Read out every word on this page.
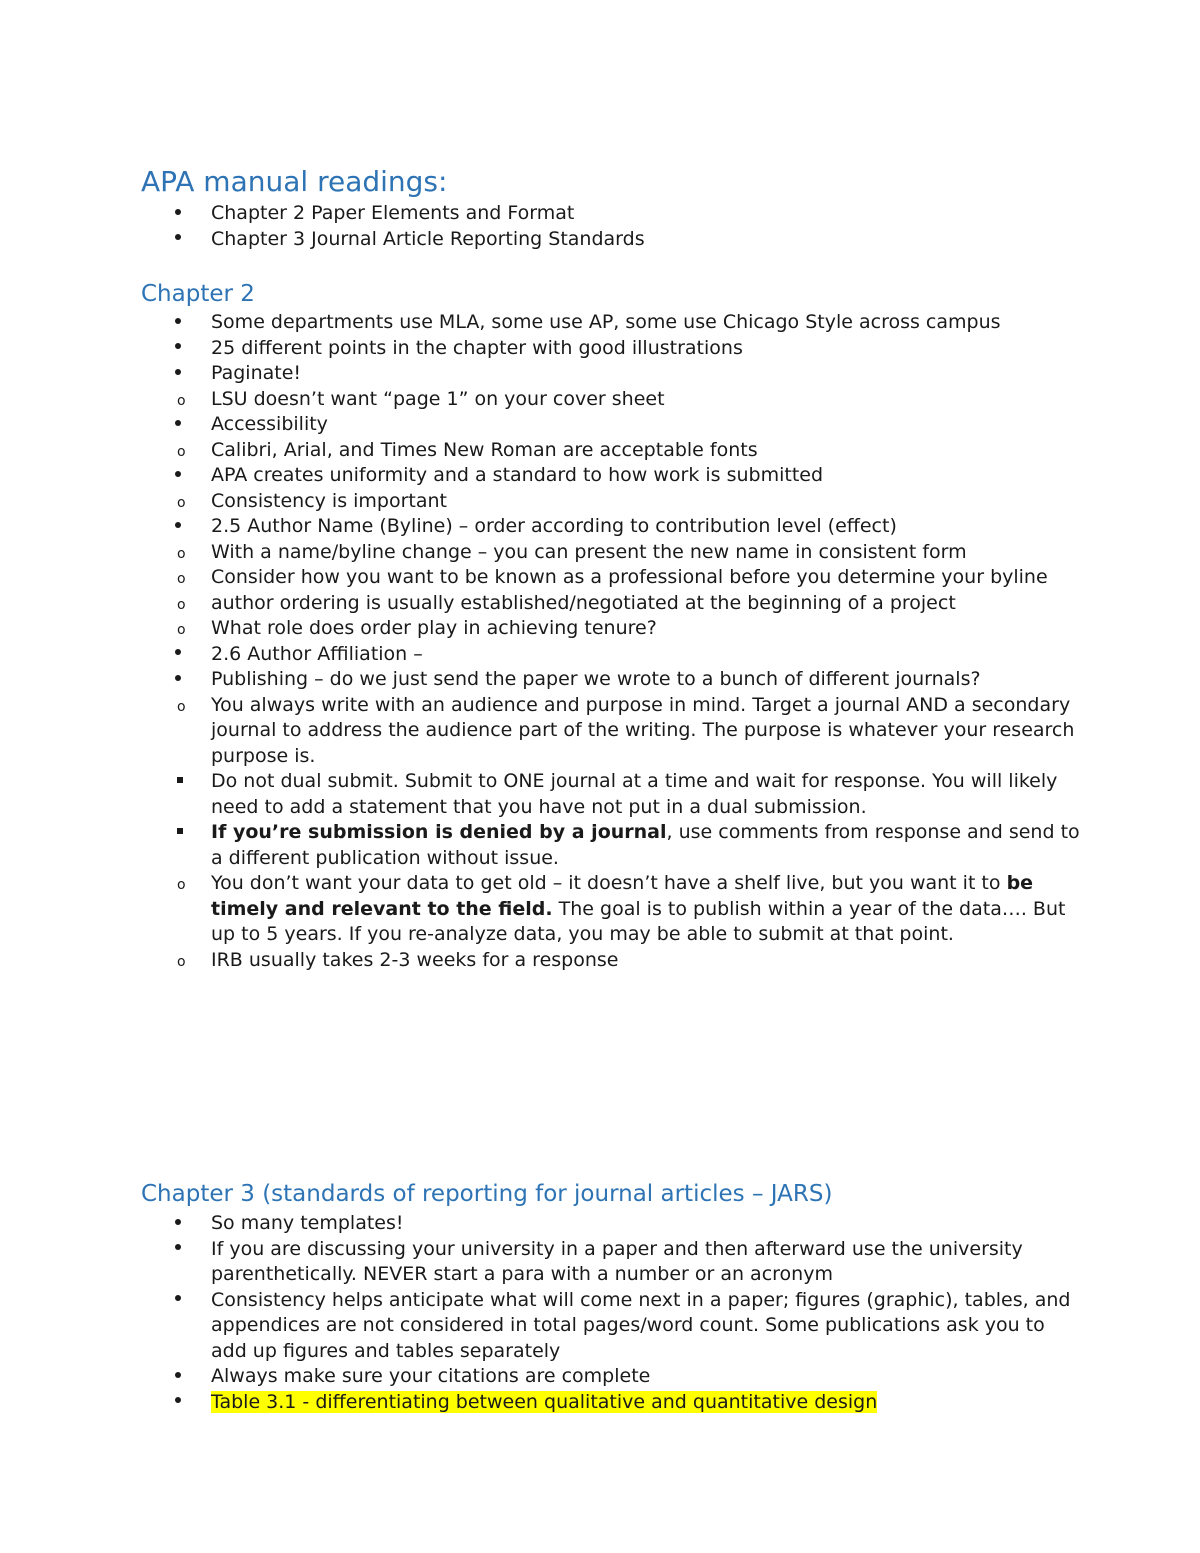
APA manual readings:
Chapter 2 Paper Elements and Format
Chapter 3 Journal Article Reporting Standards
Chapter 2
Some departments use MLA, some use AP, some use Chicago Style across campus
25 different points in the chapter with good illustrations
Paginate!
o LSU doesn’t want “page 1” on your cover sheet
Accessibility
o Calibri, Arial, and Times New Roman are acceptable fonts
APA creates uniformity and a standard to how work is submitted
o Consistency is important
2.5 Author Name (Byline) – order according to contribution level (effect)
o With a name/byline change – you can present the new name in consistent form
o Consider how you want to be known as a professional before you determine your byline
o author ordering is usually established/negotiated at the beginning of a project
o What role does order play in achieving tenure?
2.6 Author Affiliation –
Publishing – do we just send the paper we wrote to a bunch of different journals?
o You always write with an audience and purpose in mind. Target a journal AND a secondary journal to address the audience part of the writing. The purpose is whatever your research purpose is.
Do not dual submit. Submit to ONE journal at a time and wait for response. You will likely need to add a statement that you have not put in a dual submission.
If you’re submission is denied by a journal, use comments from response and send to a different publication without issue.
o You don’t want your data to get old – it doesn’t have a shelf live, but you want it to be timely and relevant to the field. The goal is to publish within a year of the data…. But up to 5 years. If you re-analyze data, you may be able to submit at that point.
o IRB usually takes 2-3 weeks for a response
Chapter 3 (standards of reporting for journal articles – JARS)
So many templates!
If you are discussing your university in a paper and then afterward use the university parenthetically. NEVER start a para with a number or an acronym
Consistency helps anticipate what will come next in a paper; figures (graphic), tables, and appendices are not considered in total pages/word count. Some publications ask you to add up figures and tables separately
Always make sure your citations are complete
Table 3.1 - differentiating between qualitative and quantitative design
